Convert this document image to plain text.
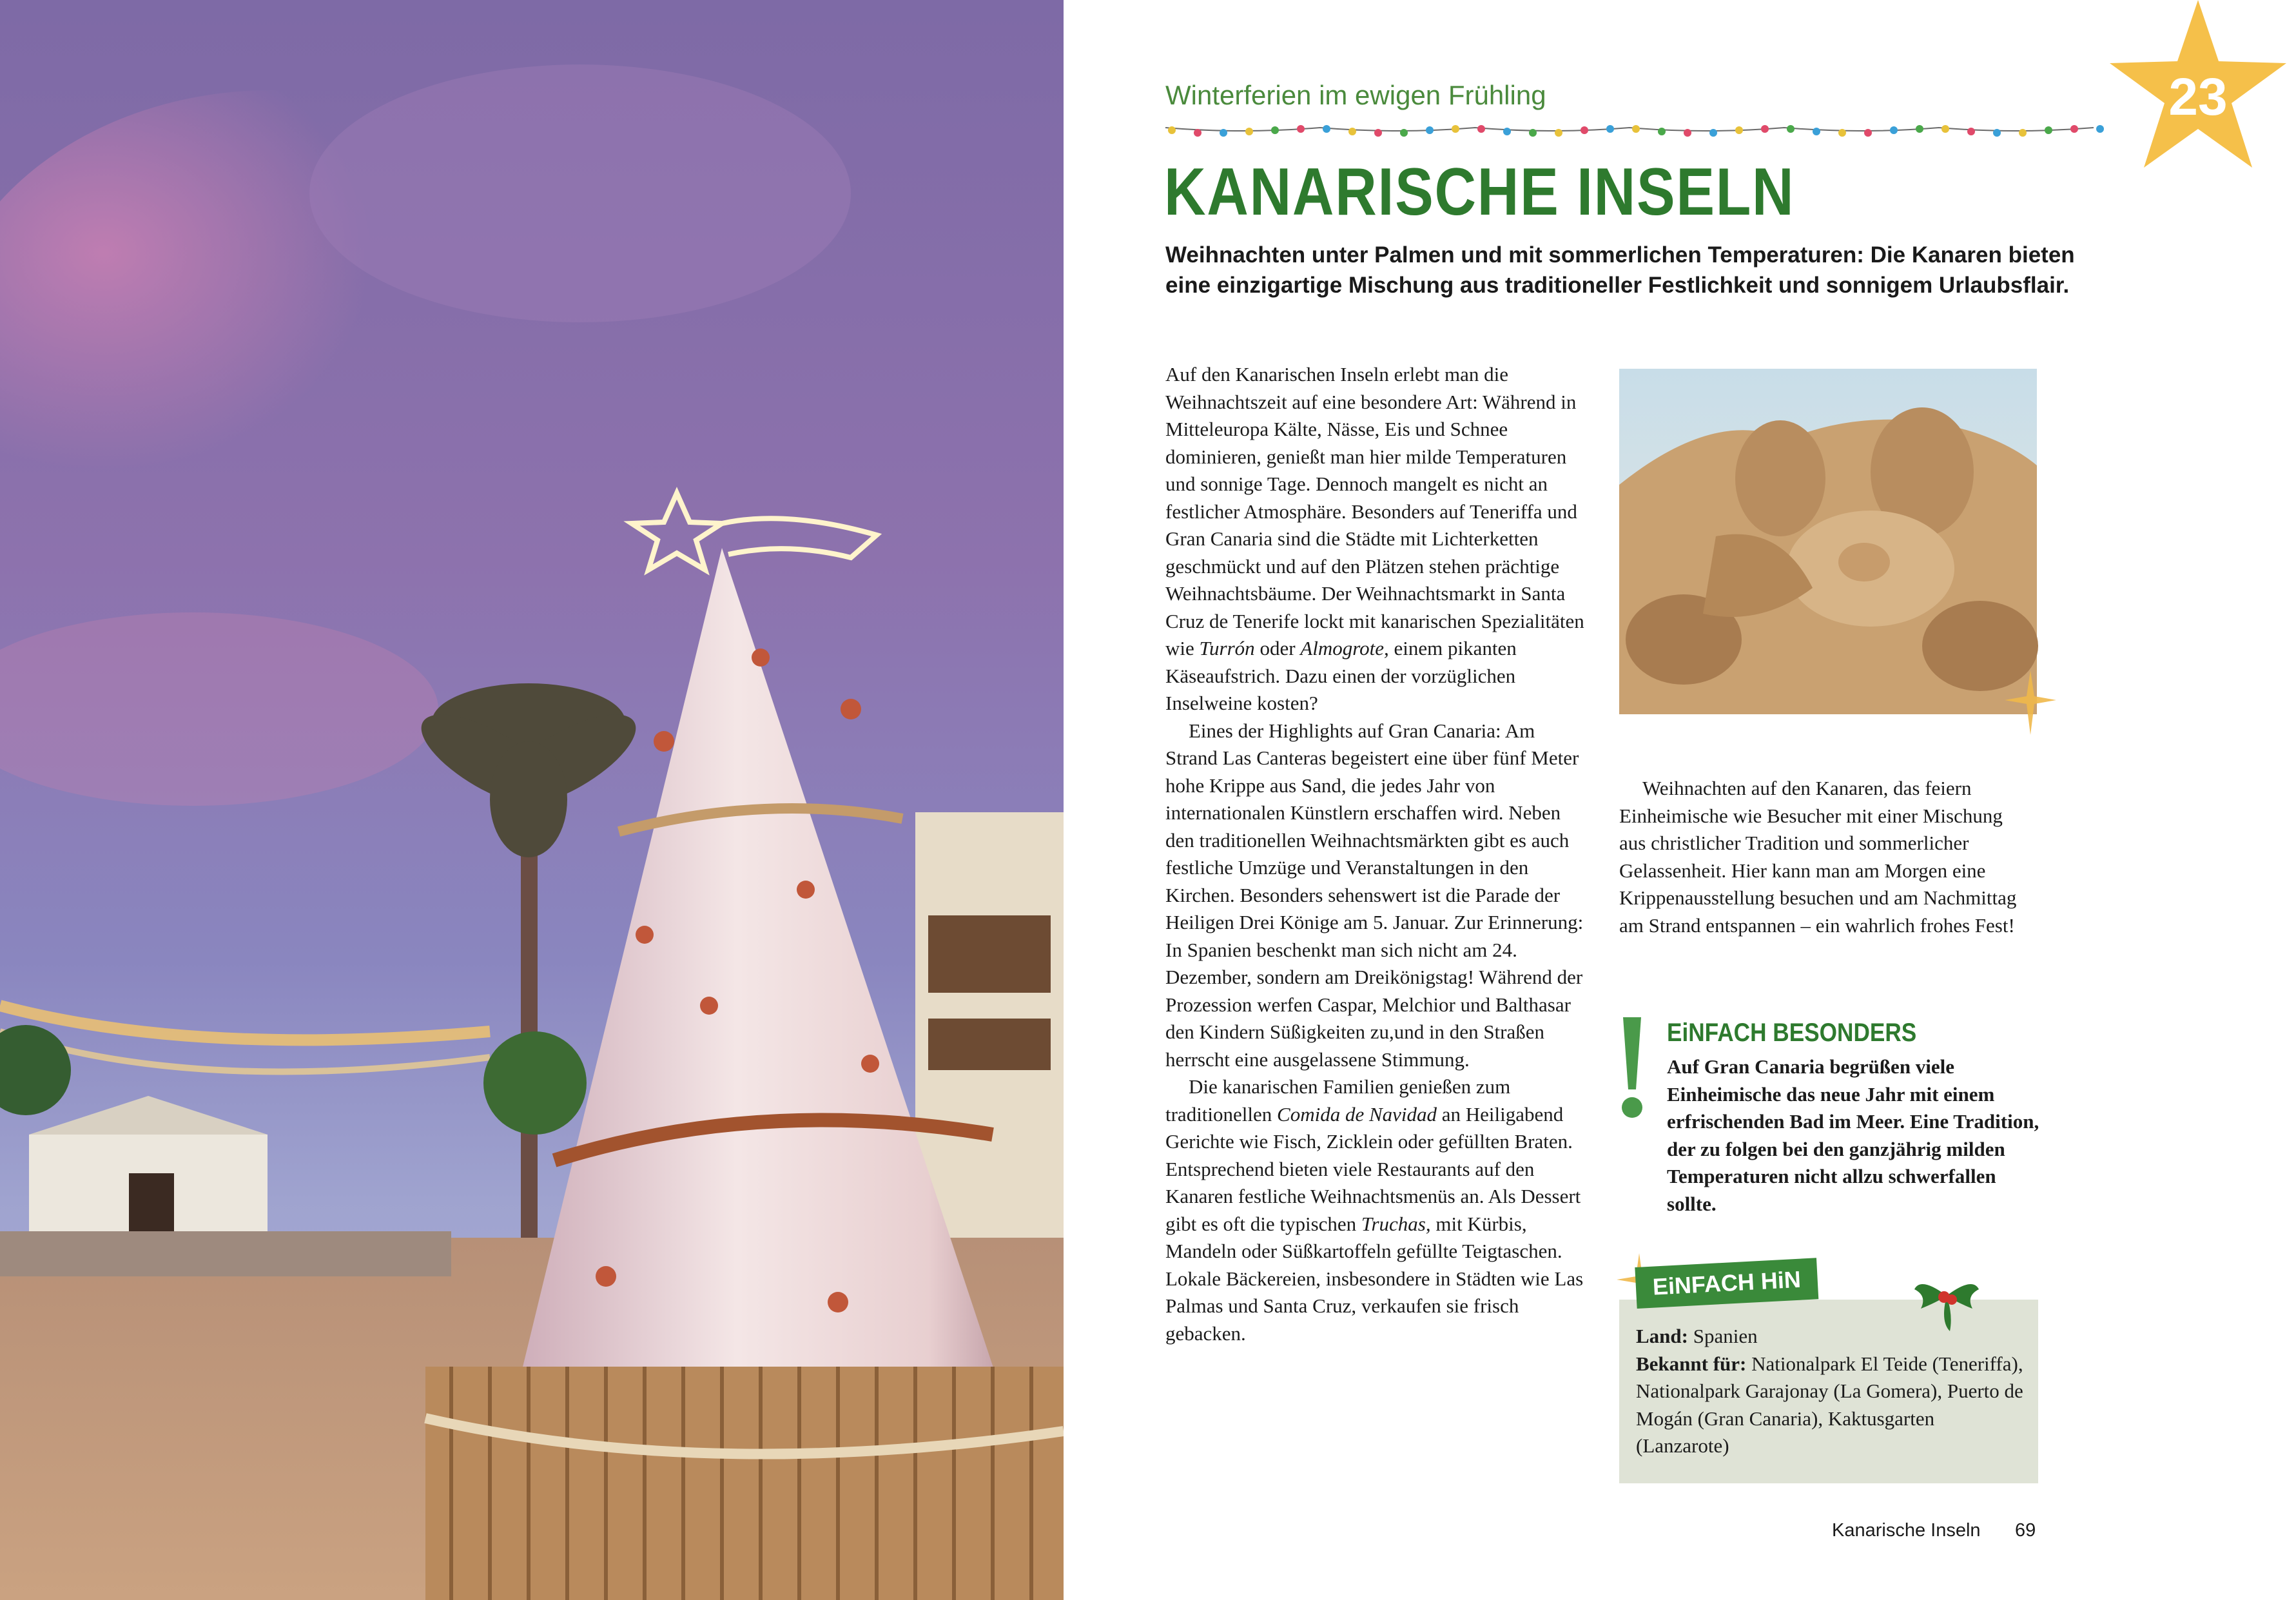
Winterferien im ewigen Frühling	23
KANARISCHE INSELN

Weihnachten unter Palmen und mit sommerlichen Temperaturen: Die Kanaren bieten

eine einzigartige Mischung aus traditioneller Festlichkeit und sonnigem Urlaubsflair.

Auf den Kanarischen Inseln erlebt man die Weihnachtszeit auf eine besondere Art: Während in Mitteleuropa Kälte, Nässe, Eis und Schnee dominieren, genießt man hier milde Temperaturen und sonnige Tage. Dennoch mangelt es nicht an festlicher Atmosphäre. Besonders auf Teneriffa und Gran Canaria sind die Städte mit Lichterketten geschmückt und auf den Plätzen stehen prächtige Weihnachtsbäume. Der Weihnachtsmarkt in Santa Cruz de Tenerife lockt mit kanarischen Spezialitäten wie Turrón oder Almogrote, einem pikanten Käseaufstrich. Dazu einen der vorzüglichen Inselweine kosten?

Eines der Highlights auf Gran Canaria: Am Strand Las Canteras begeistert eine über fünf Meter hohe Krippe aus Sand, die jedes Jahr von internationalen Künstlern erschaffen wird. Neben den traditionellen Weihnachtsmärkten gibt es auch festliche Umzüge und Veranstaltungen in den Kirchen. Besonders sehenswert ist die Parade der Heiligen Drei Könige am 5. Januar. Zur Erinnerung: In Spanien beschenkt man sich nicht am 24. Dezember, sondern am Dreikönigstag! Während der Prozession werfen Caspar, Melchior und Balthasar den Kindern Süßigkeiten zu,und in den Straßen herrscht eine ausgelassene Stimmung.

Die kanarischen Familien genießen zum traditionellen Comida de Navidad an Heiligabend Gerichte wie Fisch, Zicklein oder gefüllten Braten. Entsprechend bieten viele Restaurants auf den Kanaren festliche Weihnachtsmenüs an. Als Dessert gibt es oft die typischen Truchas, mit Kürbis, Mandeln oder Süßkartoffeln gefüllte Teigtaschen. Lokale Bäckereien, insbesondere in Städten wie Las Palmas und Santa Cruz, verkaufen sie frisch gebacken.

Weihnachten auf den Kanaren, das feiern Einheimische wie Besucher mit einer Mischung aus christlicher Tradition und sommerlicher Gelassenheit. Hier kann man am Morgen eine Krippenausstellung besuchen und am Nachmittag am Strand entspannen – ein wahrlich frohes Fest!

EiNFACH BESONDERS

Auf Gran Canaria begrüßen viele Einheimische das neue Jahr mit einem erfrischenden Bad im Meer. Eine Tradition, der zu folgen bei den ganzjährig milden Temperaturen nicht allzu schwerfallen sollte.

EiNFACH HiN

Land: Spanien

Bekannt für: Nationalpark El Teide (Teneriffa), Nationalpark Garajonay (La Gomera), Puerto de Mogán (Gran Canaria), Kaktusgarten (Lanzarote)

Kanarische Inseln 69
